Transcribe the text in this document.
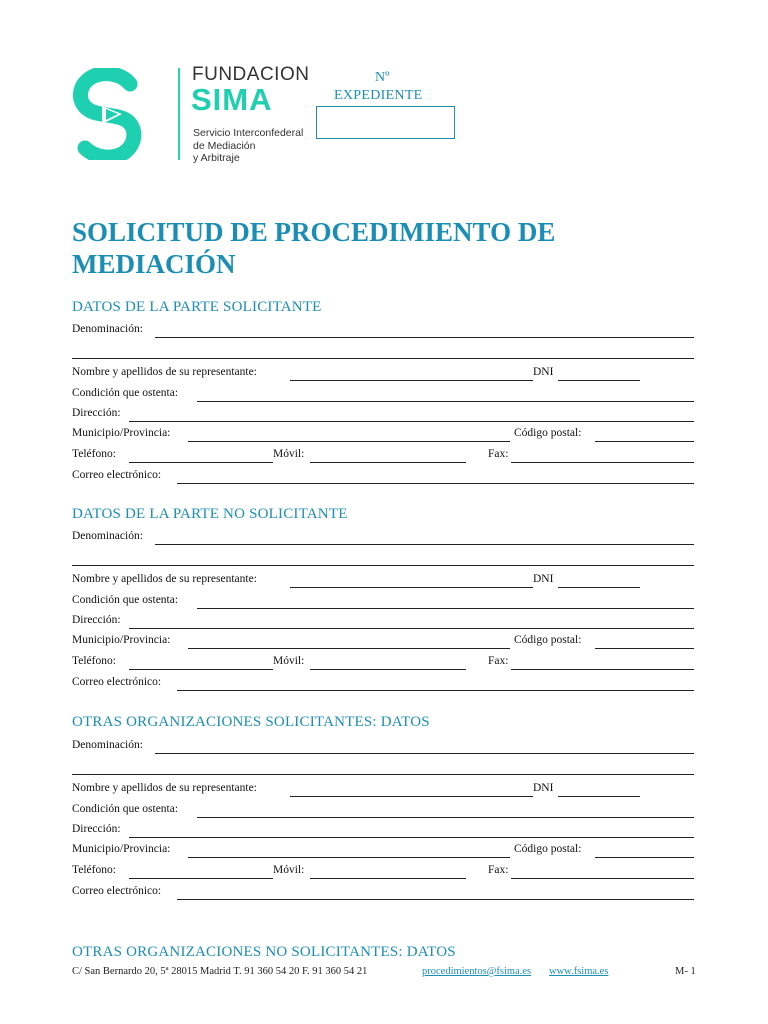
FUNDACION
SIMA
Servicio Interconfederal
de Mediación
y Arbitraje
Nº
EXPEDIENTE
SOLICITUD DE PROCEDIMIENTO DE
MEDIACIÓN
DATOS DE LA PARTE SOLICITANTE
DATOS DE LA PARTE NO SOLICITANTE
OTRAS ORGANIZACIONES SOLICITANTES: DATOS
OTRAS ORGANIZACIONES NO SOLICITANTES: DATOS
Denominación:
Nombre y apellidos de su representante:	DNI
Condición que ostenta:
Dirección:
Municipio/Provincia:	Código postal:
Teléfono:	Móvil:	Fax:
Correo electrónico:
Denominación:
Nombre y apellidos de su representante:	DNI
Condición que ostenta:
Dirección:
Municipio/Provincia:	Código postal:
Teléfono:	Móvil:	Fax:
Correo electrónico:
Denominación:
Nombre y apellidos de su representante:	DNI
Condición que ostenta:
Dirección:
Municipio/Provincia:	Código postal:
Teléfono:	Móvil:	Fax:
Correo electrónico:
C/ San Bernardo 20, 5ª 28015 Madrid T. 91 360 54 20 F. 91 360 54 21	procedimientos@fsima.es www.fsima.es	M- 1
